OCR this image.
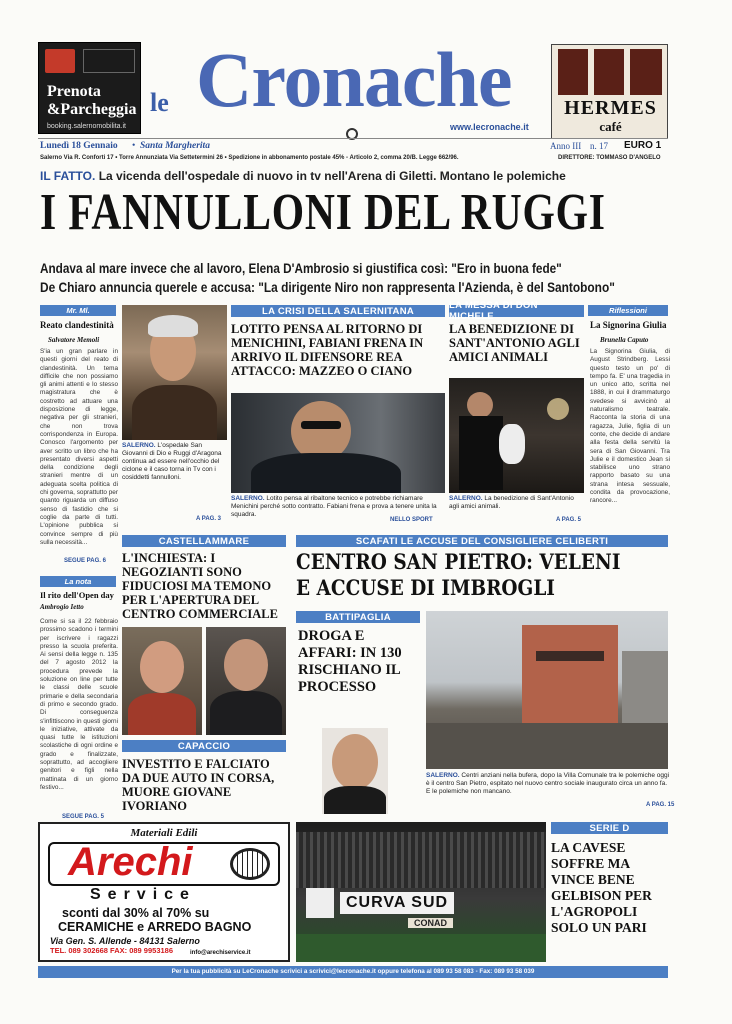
Prenota
&Parcheggia
booking.salernomobilita.it
le Cronache
www.lecronache.it
HERMES
café
Lunedì 18 Gennaio • Santa Margherita	Anno III n. 17 EURO 1
Salerno Via R. Conforti 17 • Torre Annunziata Via Settetermini 26 • Spedizione in abbonamento postale 45% - Articolo 2, comma 20/B. Legge 662/96.	DIRETTORE: TOMMASO D'ANGELO
IL FATTO. La vicenda dell'ospedale di nuovo in tv nell'Arena di Giletti. Montano le polemiche
I FANNULLONI DEL RUGGI
Andava al mare invece che al lavoro, Elena D'Ambrosio si giustifica così: "Ero in buona fede"
De Chiaro annuncia querele e accusa: "La dirigente Niro non rappresenta l'Azienda, è del Santobono"
Mr. Ml.
Reato clandestinità
Salvatore Memoli
S'ia un gran parlare in questi giorni del reato di clandestinità. Un tema difficile che non possiamo gli animi attenti e lo stesso magistratura che è costretto ad attuare una disposizione di legge, negativa per gli stranieri, che non trova corrispondenza in Europa. Conosco l'argomento per aver scritto un libro che ha presentato diversi aspetti della condizione degli stranieri mentre di un adeguata scelta politica di chi governa, soprattutto per quanto riguarda un diffuso senso di fastidio che si coglie da parte di tutti. L'opinione pubblica si convince sempre di più sulla necessità...
SEGUE PAG. 6
SALERNO. L'ospedale San Giovanni di Dio e Ruggi d'Aragona continua ad essere nell'occhio del ciclone e il caso torna in Tv con i cosiddetti fannulloni.
A PAG. 3
LA CRISI DELLA SALERNITANA
LOTITO PENSA AL RITORNO DI MENICHINI, FABIANI FRENA IN ARRIVO IL DIFENSORE REA ATTACCO: MAZZEO O CIANO
SALERNO. Lotito pensa al ribaltone tecnico e potrebbe richiamare Menichini perché sotto contratto. Fabiani frena e prova a tenere unita la squadra.
NELLO SPORT
LA MESSA DI DON MICHELE
LA BENEDIZIONE DI SANT'ANTONIO AGLI AMICI ANIMALI
SALERNO. La benedizione di Sant'Antonio agli amici animali.
A PAG. 5
Riflessioni
La Signorina Giulia
Brunella Caputo
La Signorina Giulia, di August Strindberg. Lessi questo testo un po' di tempo fa. E' una tragedia in un unico atto, scritta nel 1888, in cui il drammaturgo svedese si avvicinò al naturalismo teatrale. Racconta la storia di una ragazza, Julie, figlia di un conte, che decide di andare alla festa della servitù la sera di San Giovanni. Tra Julie e il domestico Jean si stabilisce uno strano rapporto basato su una strana intesa sessuale, condita da provocazione, rancore...
CASTELLAMMARE
L'INCHIESTA: I NEGOZIANTI SONO FIDUCIOSI MA TEMONO PER L'APERTURA DEL CENTRO COMMERCIALE
La nota
Il rito dell'Open day
Ambrogio Ietto
Come si sa il 22 febbraio prossimo scadono i termini per iscrivere i ragazzi presso la scuola preferita. Ai sensi della legge n. 135 del 7 agosto 2012 la procedura prevede la soluzione on line per tutte le classi delle scuole primarie e della secondaria di primo e secondo grado. Di conseguenza s'infittiscono in questi giorni le iniziative, attivate da quasi tutte le istituzioni scolastiche di ogni ordine e grado e finalizzate, soprattutto, ad accogliere genitori e figli nella mattinata di un giorno festivo...
SEGUE PAG. 5
CAPACCIO
INVESTITO E FALCIATO DA DUE AUTO IN CORSA, MUORE GIOVANE IVORIANO
SCAFATI LE ACCUSE DEL CONSIGLIERE CELIBERTI
CENTRO SAN PIETRO: VELENI
E ACCUSE DI IMBROGLI
BATTIPAGLIA
DROGA E AFFARI: IN 130 RISCHIANO IL PROCESSO
SALERNO. Centri anziani nella bufera, dopo la Villa Comunale tra le polemiche oggi è il centro San Pietro, espitato nel nuovo centro sociale inaugurato circa un anno fa. E le polemiche non mancano.
A PAG. 15
Materiali Edili
Arechi
Service
sconti dal 30% al 70% su
CERAMICHE e ARREDO BAGNO
Via Gen. S. Allende - 84131 Salerno
TEL. 089 302668 FAX: 089 9953186	info@arechiservice.it
CURVA SUD
CONAD
SERIE D
LA CAVESE SOFFRE MA VINCE BENE GELBISON PER L'AGROPOLI SOLO UN PARI
Per la tua pubblicità su LeCronache scrivici a scrivici@lecronache.it oppure telefona al 089 93 58 083 - Fax: 089 93 58 039
